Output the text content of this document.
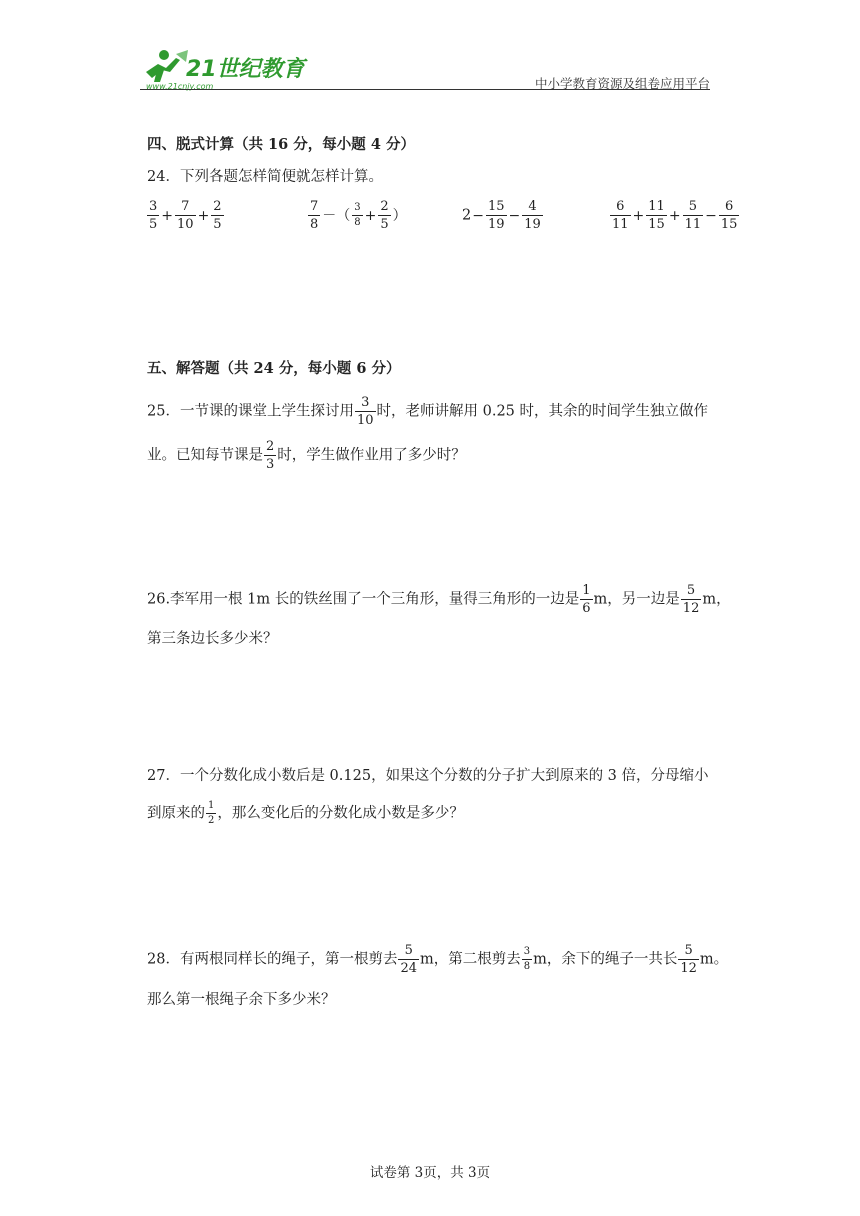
21世纪教育
www.21cnjy.com	中小学教育资源及组卷应用平台
四、脱式计算（共 16 分，每小题 4 分）
24．下列各题怎样简便就怎样计算。
$\frac{3}{5} + \frac{7}{10} + \frac{2}{5}$	$\frac{7}{8}$ －（ $\frac{3}{8} + \frac{2}{5}$ ）	$2- \frac{15}{19} - \frac{4}{19}$	$\frac{6}{11} + \frac{11}{15} + \frac{5}{11} - \frac{6}{15}$
五、解答题（共 24 分，每小题 6 分）
25．一节课的课堂上学生探讨用 $\frac{3}{10}$ 时，老师讲解用 0.25 时，其余的时间学生独立做作
业。已知每节课是 $\frac{2}{3}$ 时，学生做作业用了多少时？
26.李军用一根 1m 长的铁丝围了一个三角形，量得三角形的一边是 $\frac{1}{6}$ m，另一边是 $\frac{5}{12}$ m，
第三条边长多少米？
27．一个分数化成小数后是 0.125，如果这个分数的分子扩大到原来的 3 倍，分母缩小
到原来的 $\frac{1}{2}$ ，那么变化后的分数化成小数是多少？
28．有两根同样长的绳子，第一根剪去 $\frac{5}{24}$ m，第二根剪去 $\frac{3}{8}$ m，余下的绳子一共长 $\frac{5}{12}$ m。
那么第一根绳子余下多少米？
试卷第 3页，共 3页
